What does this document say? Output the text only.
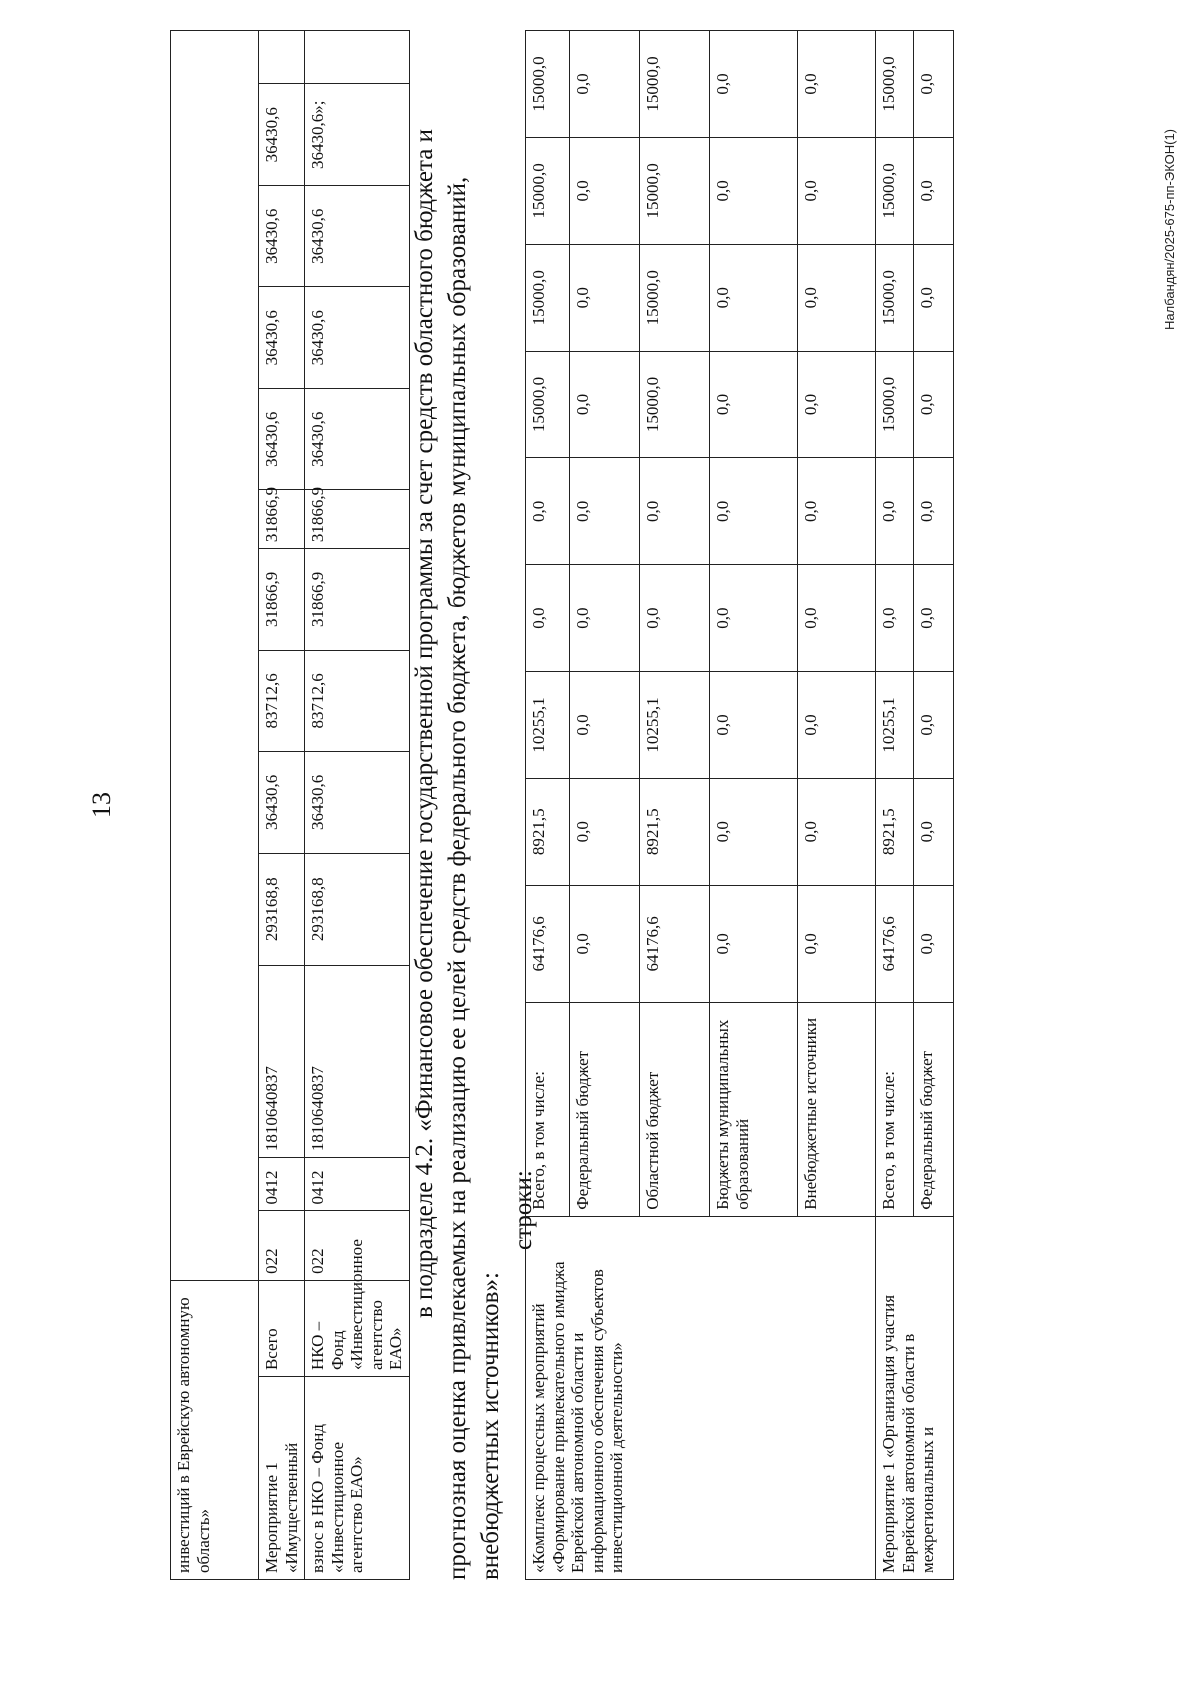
13
инвестиций в Еврейскую автономную область»														
Мероприятие 1 «Имущественный	Всего	022	0412	1810640837	293168,8	36430,6	83712,6	31866,9	31866,9	36430,6	36430,6	36430,6	36430,6	
взнос в НКО – Фонд «Инвестиционное агентство ЕАО»	НКО – Фонд «Инвестиционное агентство ЕАО»	022	0412	1810640837	293168,8	36430,6	83712,6	31866,9	31866,9	36430,6	36430,6	36430,6	36430,6»;		в подразделе 4.2. «Финансовое обеспечение государственной программы за счет средств областного бюджета и прогнозная оценка привлекаемых на реализацию ее целей средств федерального бюджета, бюджетов муниципальных образований, внебюджетных источников»:

строки:

«Комплекс процессных мероприятий «Формирование привлекательного имиджа Еврейской автономной области и информационного обеспечения субъектов инвестиционной деятельности»	Всего, в том числе:	64176,6	8921,5	10255,1	0,0	0,0	15000,0	15000,0	15000,0	15000,0
	Федеральный бюджет	0,0	0,0	0,0	0,0	0,0	0,0	0,0	0,0	0,0
	Областной бюджет	64176,6	8921,5	10255,1	0,0	0,0	15000,0	15000,0	15000,0	15000,0
	Бюджеты муниципальных образований	0,0	0,0	0,0	0,0	0,0	0,0	0,0	0,0	0,0
	Внебюджетные источники	0,0	0,0	0,0	0,0	0,0	0,0	0,0	0,0	0,0
Мероприятие 1 «Организация участия Еврейской автономной области в межрегиональных и	Всего, в том числе:	64176,6	8921,5	10255,1	0,0	0,0	15000,0	15000,0	15000,0	15000,0
	Федеральный бюджет	0,0	0,0	0,0	0,0	0,0	0,0	0,0	0,0	0,0
Налбандян/2025-675-пп-ЭКОН(1)
